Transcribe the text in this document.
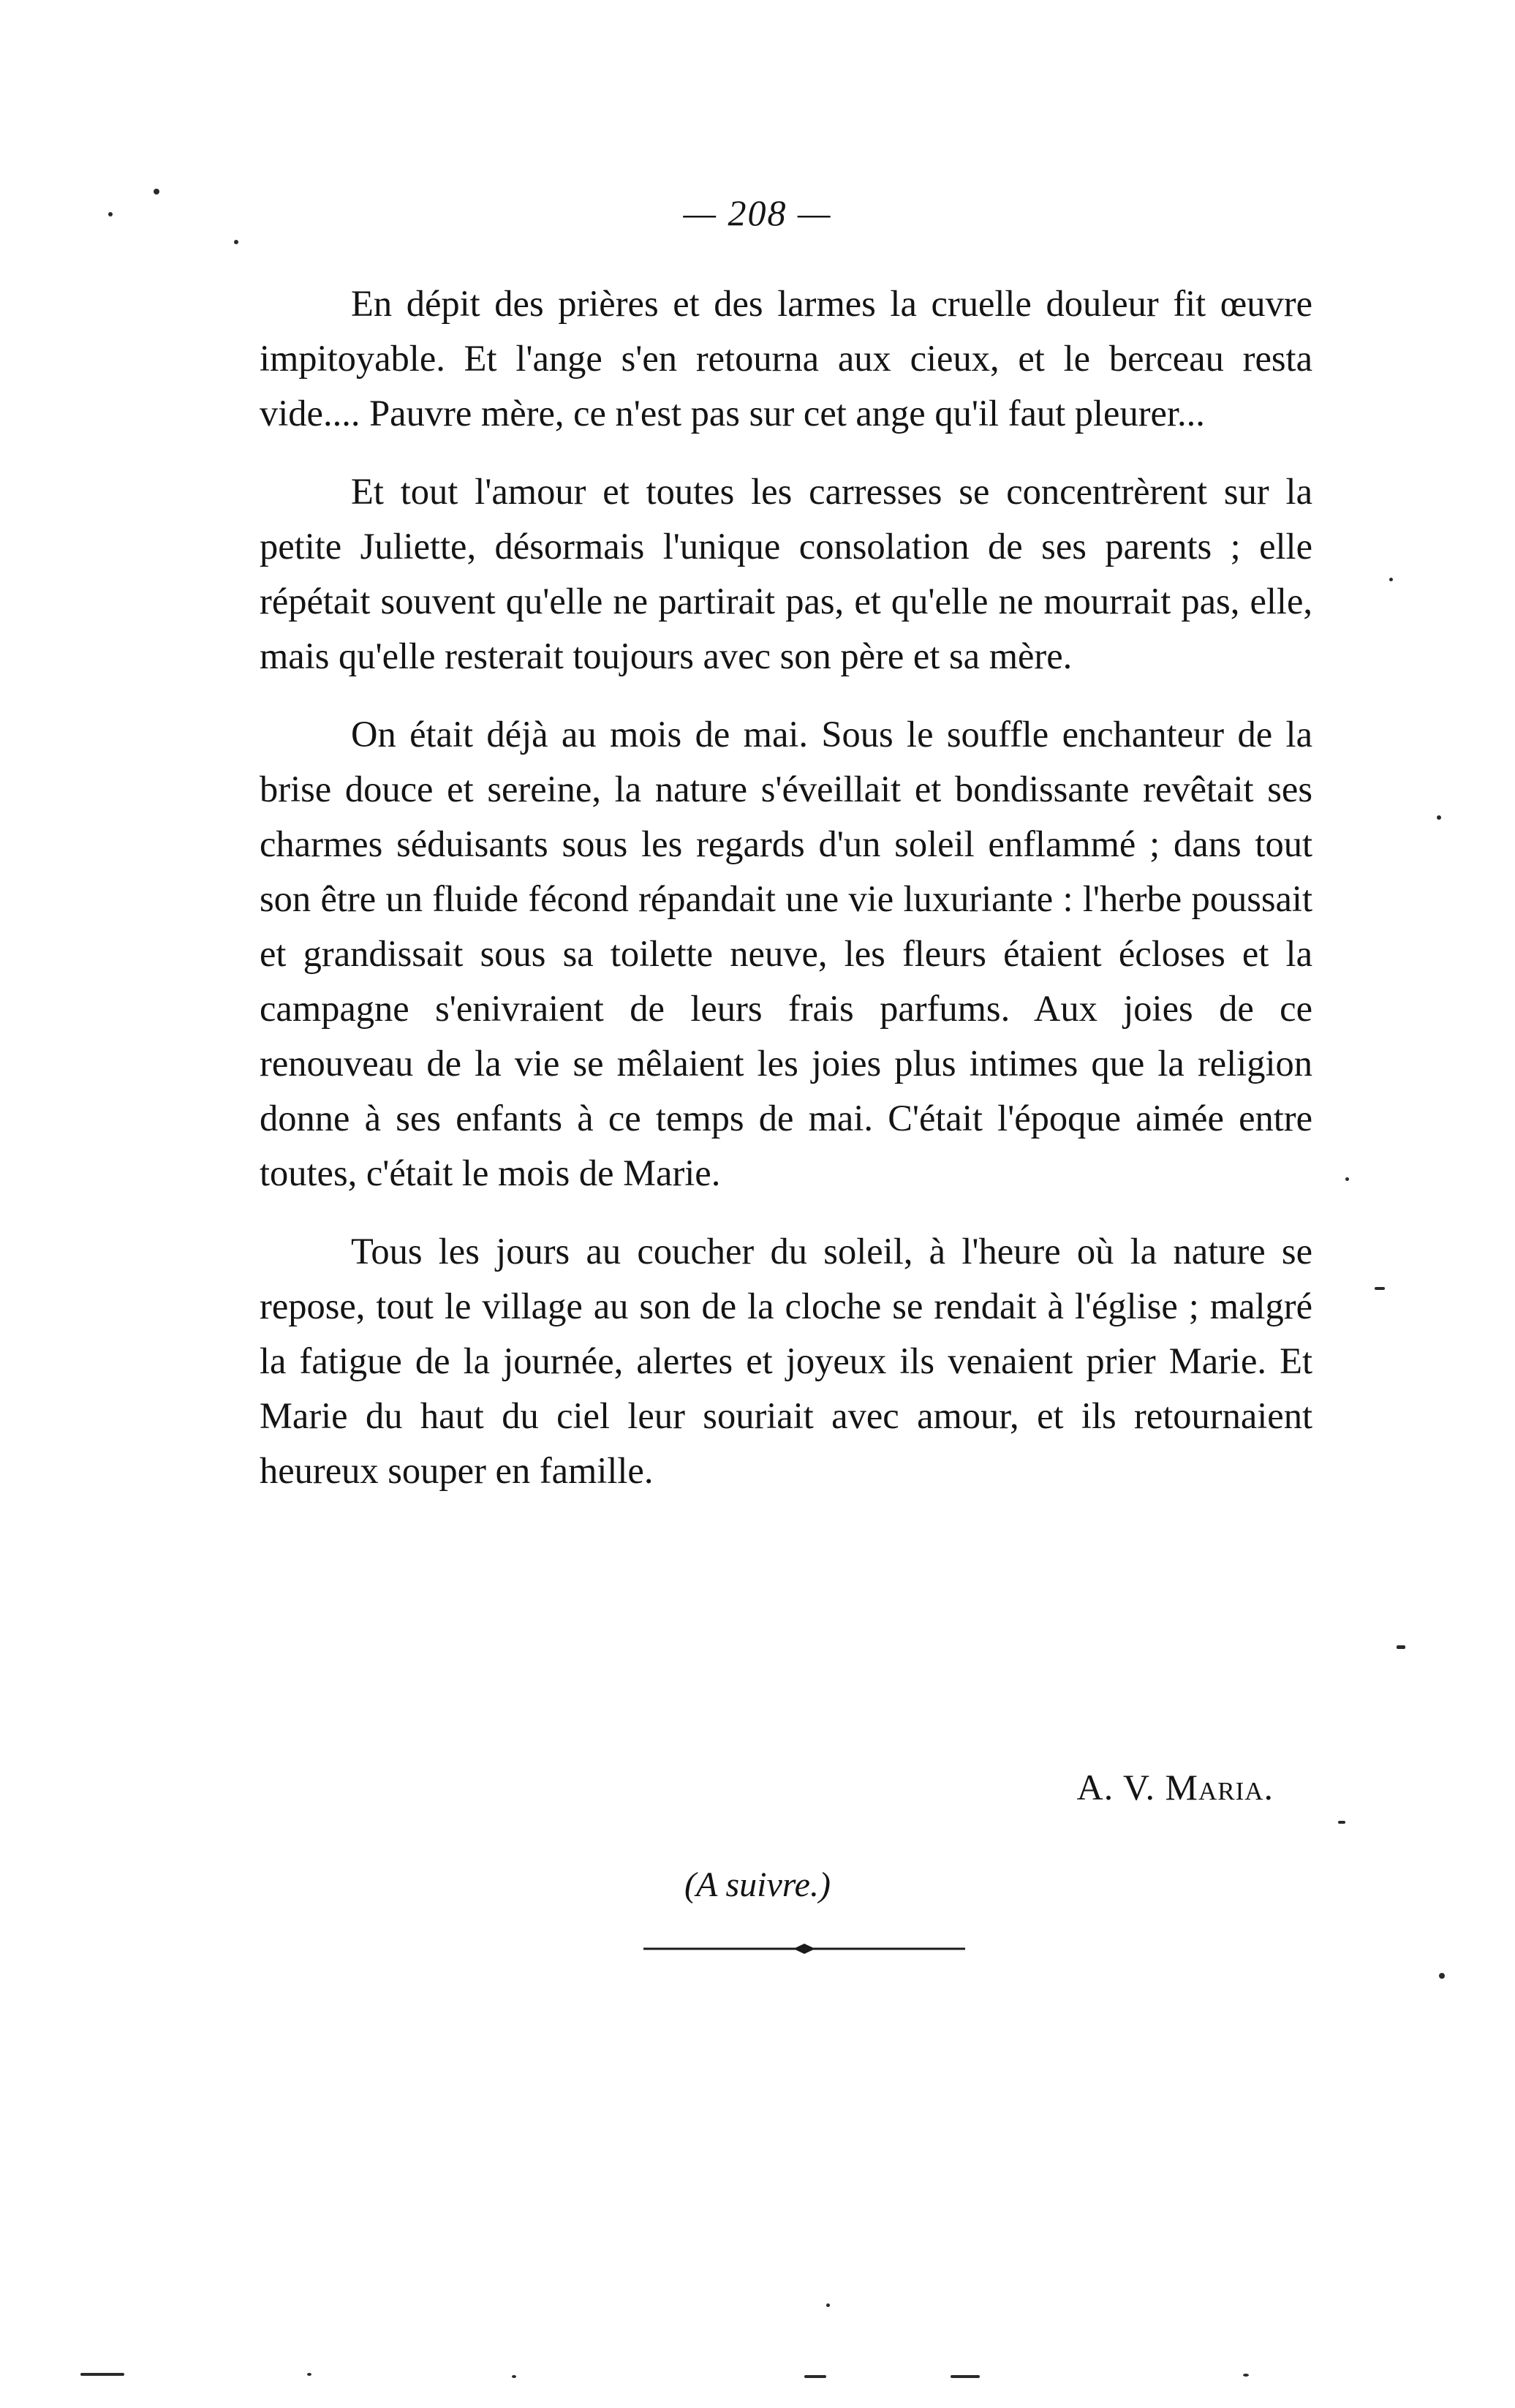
— 208 —

En dépit des prières et des larmes la cruelle douleur fit œuvre impitoyable. Et l'ange s'en retourna aux cieux, et le berceau resta vide.... Pauvre mère, ce n'est pas sur cet ange qu'il faut pleurer...

Et tout l'amour et toutes les carresses se concentrèrent sur la petite Juliette, désormais l'unique consolation de ses parents ; elle répétait souvent qu'elle ne partirait pas, et qu'elle ne mourrait pas, elle, mais qu'elle resterait toujours avec son père et sa mère.

On était déjà au mois de mai. Sous le souffle enchanteur de la brise douce et sereine, la nature s'éveillait et bondissante revêtait ses charmes séduisants sous les regards d'un soleil enflammé ; dans tout son être un fluide fécond répandait une vie luxuriante : l'herbe poussait et grandissait sous sa toilette neuve, les fleurs étaient écloses et la campagne s'enivraient de leurs frais parfums. Aux joies de ce renouveau de la vie se mêlaient les joies plus intimes que la religion donne à ses enfants à ce temps de mai. C'était l'époque aimée entre toutes, c'était le mois de Marie.

Tous les jours au coucher du soleil, à l'heure où la nature se repose, tout le village au son de la cloche se rendait à l'église ; malgré la fatigue de la journée, alertes et joyeux ils venaient prier Marie. Et Marie du haut du ciel leur souriait avec amour, et ils retournaient heureux souper en famille.

A. V. Maria.
(A suivre.)
